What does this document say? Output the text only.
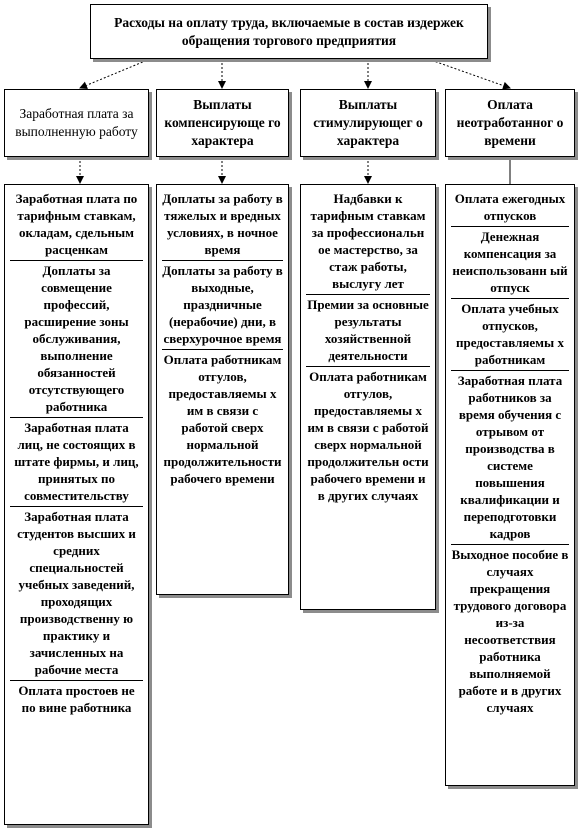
Расходы на оплату труда, включаемые в состав издержек обращения торгового предприятия
Заработная плата за выполненную работу
Выплаты компенсирующе го характера
Выплаты стимулирующег о характера
Оплата неотработанног о времени
Заработная плата по тарифным ставкам, окладам, сдельным расценкам
Доплаты за совмещение профессий, расширение зоны обслуживания, выполнение обязанностей отсутствующего работника
Заработная плата лиц, не состоящих в штате фирмы, и лиц, принятых по совместительству
Заработная плата студентов высших и средних специальностей учебных заведений, проходящих производственну ю практику и зачисленных на рабочие места
Оплата простоев не по вине работника
Доплаты за работу в тяжелых и вредных условиях, в ночное время
Доплаты за работу в выходные, праздничные (нерабочие) дни, в сверхурочное время
Оплата работникам отгулов, предоставляемы х им в связи с работой сверх нормальной продолжительности рабочего времени
Надбавки к тарифным ставкам за профессиональн ое мастерство, за стаж работы, выслугу лет
Премии за основные результаты хозяйственной деятельности
Оплата работникам отгулов, предоставляемы х им в связи с работой сверх нормальной продолжительн ости рабочего времени и в других случаях
Оплата ежегодных отпусков
Денежная компенсация за неиспользованн ый отпуск
Оплата учебных отпусков, предоставляемы х работникам
Заработная плата работников за время обучения с отрывом от производства в системе повышения квалификации и переподготовки кадров
Выходное пособие в случаях прекращения трудового договора из-за несоответствия работника выполняемой работе и в других случаях
